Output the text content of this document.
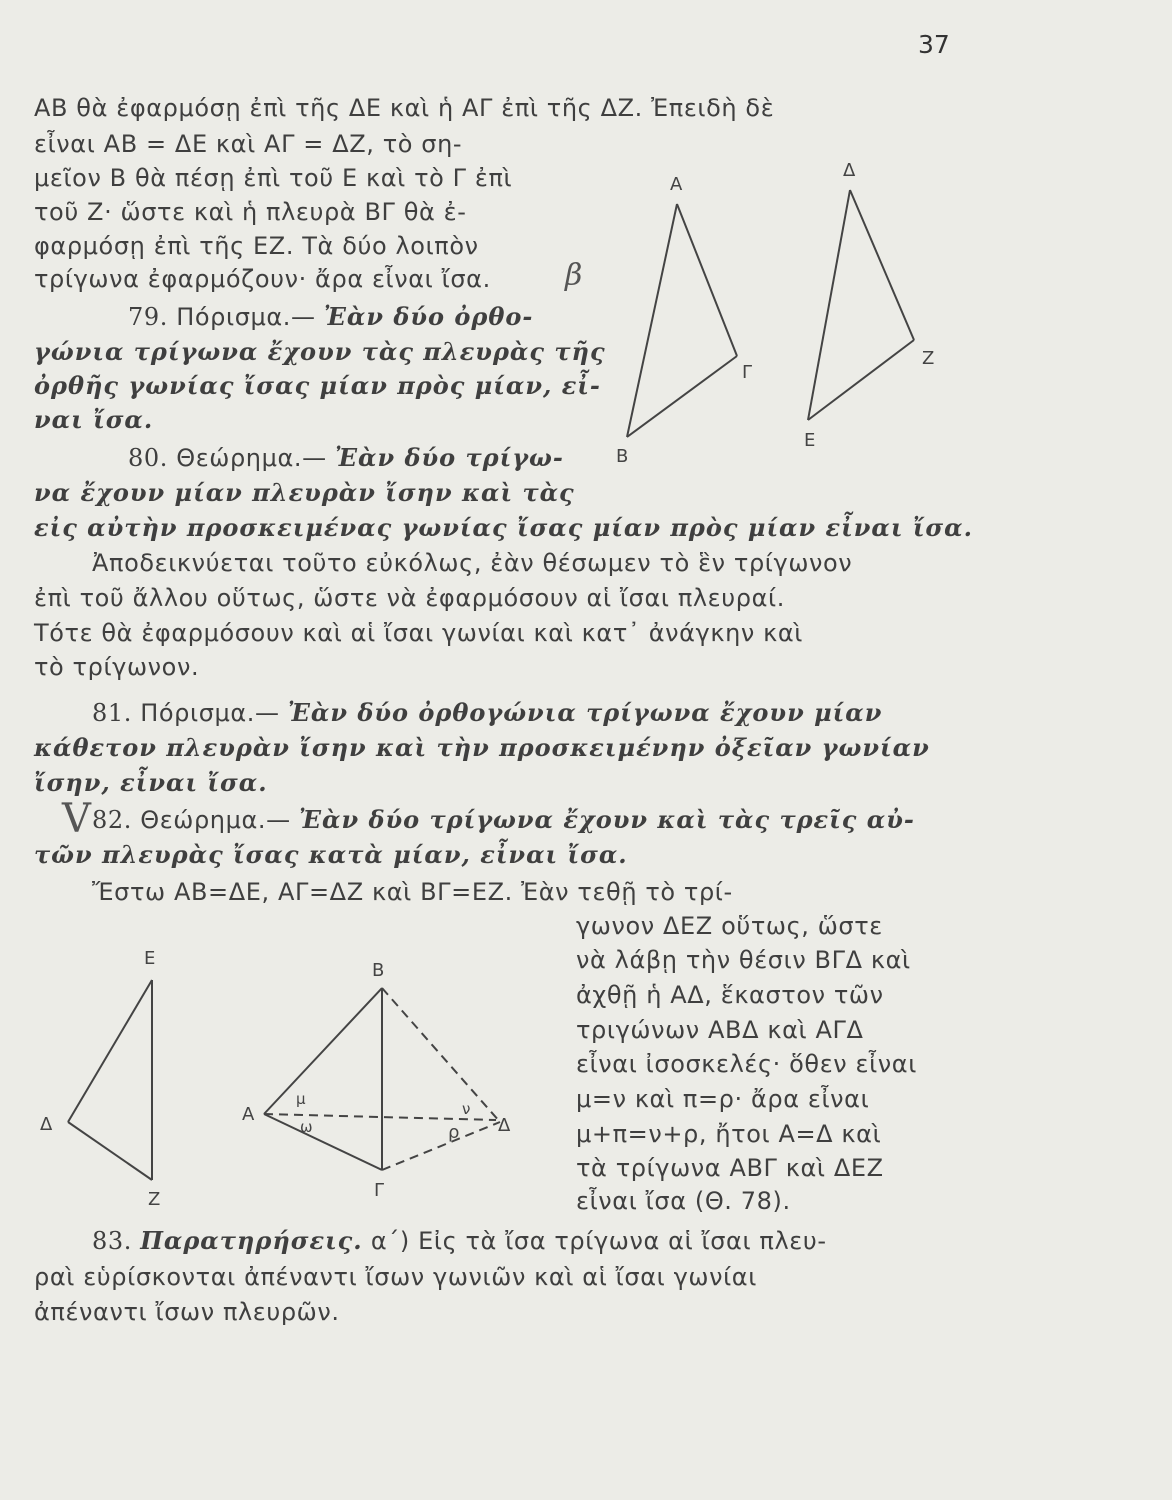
37
ΑΒ θὰ ἐφαρμόσῃ ἐπὶ τῆς ΔΕ καὶ ἡ ΑΓ ἐπὶ τῆς ΔΖ. Ἐπειδὴ δὲ
εἶναι ΑΒ = ΔΕ καὶ ΑΓ = ΔΖ, τὸ ση-
μεῖον Β θὰ πέσῃ ἐπὶ τοῦ Ε καὶ τὸ Γ ἐπὶ
τοῦ Ζ· ὥστε καὶ ἡ πλευρὰ ΒΓ θὰ ἐ-
φαρμόσῃ ἐπὶ τῆς ΕΖ. Τὰ δύο λοιπὸν
τρίγωνα ἐφαρμόζουν· ἄρα εἶναι ἴσα.
79. Πόρισμα.— Ἐὰν δύο ὀρθο-
γώνια τρίγωνα ἔχουν τὰς πλευρὰς τῆς
ὀρθῆς γωνίας ἴσας μίαν πρὸς μίαν, εἶ-
ναι ἴσα.
80. Θεώρημα.— Ἐὰν δύο τρίγω-
να ἔχουν μίαν πλευρὰν ἴσην καὶ τὰς
εἰς αὐτὴν προσκειμένας γωνίας ἴσας μίαν πρὸς μίαν εἶναι ἴσα.
Ἀποδεικνύεται τοῦτο εὐκόλως, ἐὰν θέσωμεν τὸ ἓν τρίγωνον
ἐπὶ τοῦ ἄλλου οὕτως, ὥστε νὰ ἐφαρμόσουν αἱ ἴσαι πλευραί.
Τότε θὰ ἐφαρμόσουν καὶ αἱ ἴσαι γωνίαι καὶ κατ᾿ ἀνάγκην καὶ
τὸ τρίγωνον.
81. Πόρισμα.— Ἐὰν δύο ὀρθογώνια τρίγωνα ἔχουν μίαν
κάθετον πλευρὰν ἴσην καὶ τὴν προσκειμένην ὀξεῖαν γωνίαν
ἴσην, εἶναι ἴσα.
82. Θεώρημα.— Ἐὰν δύο τρίγωνα ἔχουν καὶ τὰς τρεῖς αὐ-
τῶν πλευρὰς ἴσας κατὰ μίαν, εἶναι ἴσα.
Ἔστω ΑΒ=ΔΕ, ΑΓ=ΔΖ καὶ ΒΓ=ΕΖ. Ἐὰν τεθῇ τὸ τρί-
γωνον ΔΕΖ οὕτως, ὥστε
νὰ λάβῃ τὴν θέσιν ΒΓΔ καὶ
ἀχθῇ ἡ ΑΔ, ἕκαστον τῶν
τριγώνων ΑΒΔ καὶ ΑΓΔ
εἶναι ἰσοσκελές· ὅθεν εἶναι
μ=ν καὶ π=ρ· ἄρα εἶναι
μ+π=ν+ρ, ἤτοι Α=Δ καὶ
τὰ τρίγωνα ΑΒΓ καὶ ΔΕΖ
εἶναι ἴσα (Θ. 78).
83. Παρατηρήσεις. α΄) Εἰς τὰ ἴσα τρίγωνα αἱ ἴσαι πλευ-
ραὶ εὑρίσκονται ἀπέναντι ἴσων γωνιῶν καὶ αἱ ἴσαι γωνίαι
ἀπέναντι ἴσων πλευρῶν.
Α
Β
Γ
Δ
Ε
Ζ
β
V
Ε
Δ
Ζ
Β
Α
Γ
Δ
μ
ω
ν
ρ
